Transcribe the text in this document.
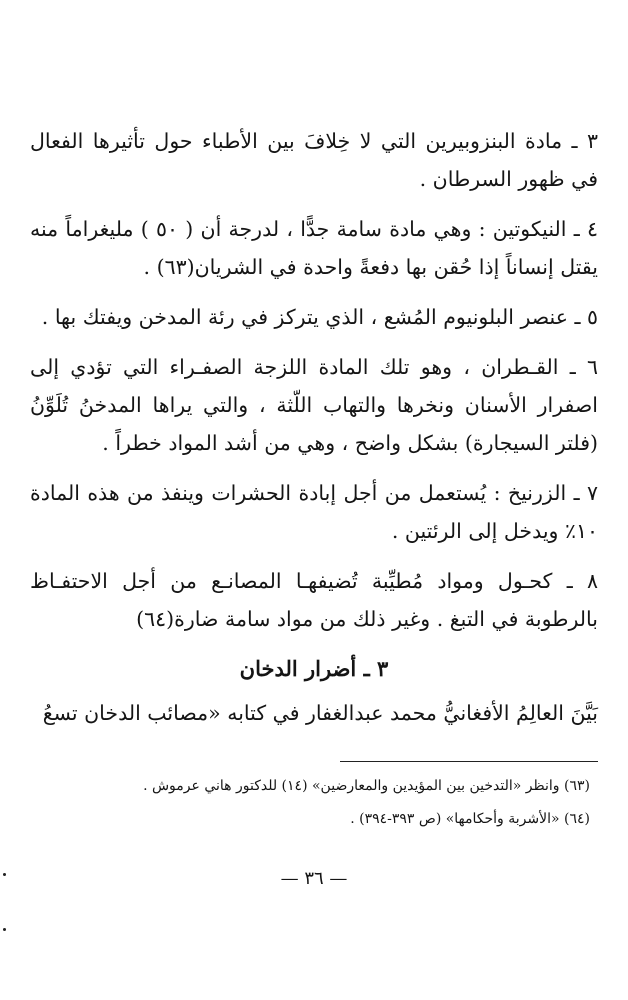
٣ ـ مادة البنزوبيرين التي لا خِلافَ بين الأطباء حول تأثيرها الفعال في ظهور السرطان .

٤ ـ النيكوتين : وهي مادة سامة جدًّا ، لدرجة أن ( ٥٠ ) مليغراماً منه يقتل إنساناً إذا حُقن بها دفعةً واحدة في الشريان(٦٣) .

٥ ـ عنصر البلونيوم المُشع ، الذي يتركز في رئة المدخن ويفتك بها .

٦ ـ القـطران ، وهو تلك المادة اللزجة الصفـراء التي تؤدي إلى اصفرار الأسنان ونخرها والتهاب اللّثة ، والتي يراها المدخنُ تُلَوِّنُ (فلتر السيجارة) بشكل واضح ، وهي من أشد المواد خطراً .

٧ ـ الزرنيخ : يُستعمل من أجل إبادة الحشرات وينفذ من هذه المادة ١٠٪ ويدخل إلى الرئتين .

٨ ـ كحـول ومواد مُطيِّبة تُضيفهـا المصانـع من أجل الاحتفـاظ بالرطوبة في التبغ . وغير ذلك من مواد سامة ضارة(٦٤)

٣ ـ أضرار الدخان

بَيَّنَ العالِمُ الأفغانيُّ محمد عبدالغفار في كتابه «مصائب الدخان تسعُ

(٦٣) وانظر «التدخين بين المؤيدين والمعارضين» (١٤) للدكتور هاني عرموش .

(٦٤) «الأشربة وأحكامها» (ص ٣٩٣-٣٩٤) .

— ٣٦ —
